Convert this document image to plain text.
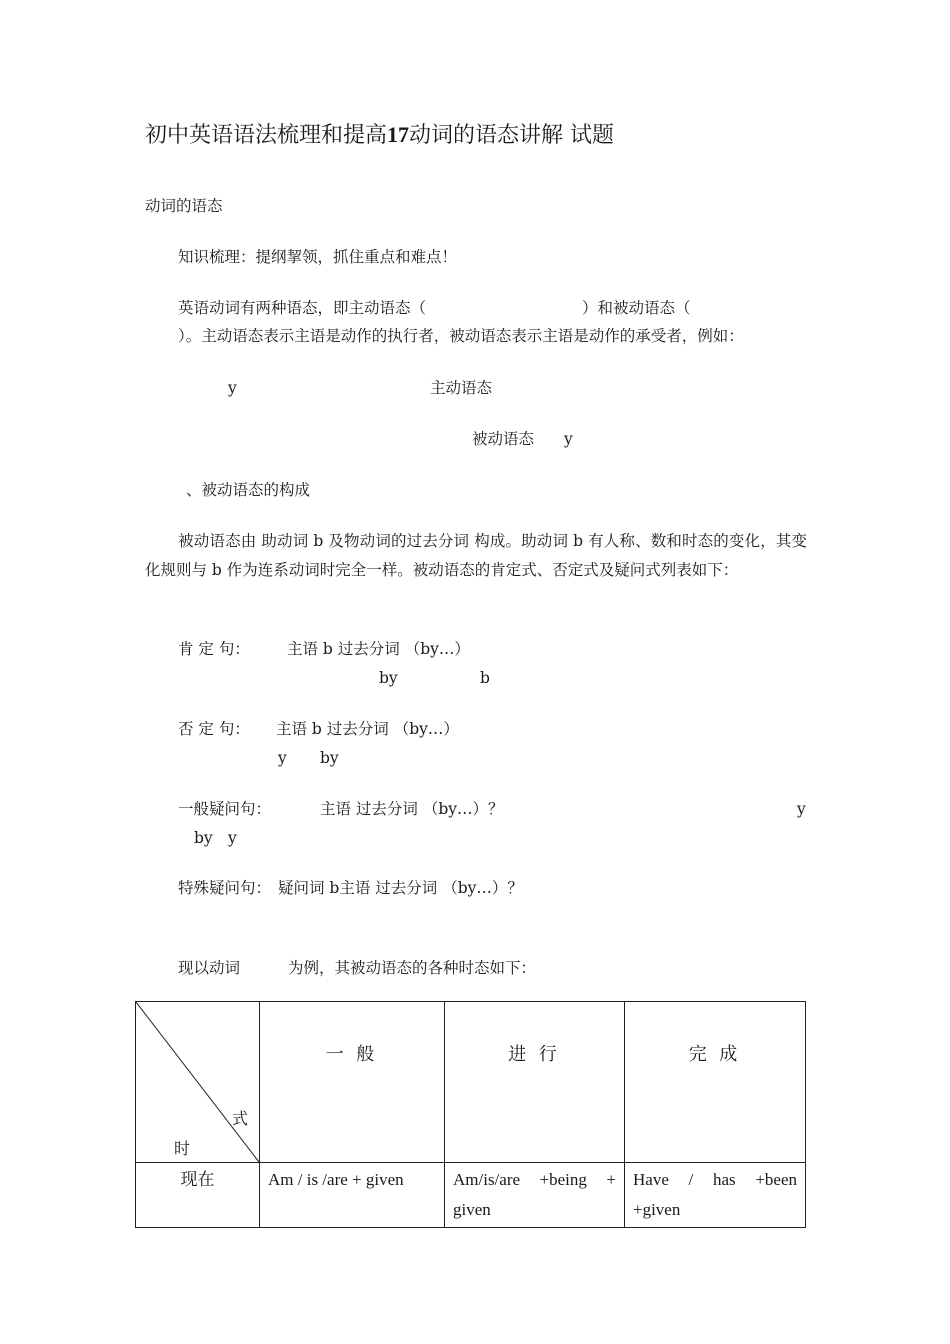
初中英语语法梳理和提高17动词的语态讲解 试题
动词的语态
知识梳理：提纲挈领，抓住重点和难点！
英语动词有两种语态，即主动语态（	）和被动语态（
）。主动语态表示主语是动作的执行者，被动语态表示主语是动作的承受者，例如：
y	主动语态
被动语态 y
、被动语态的构成
被动语态由 助动词 b 及物动词的过去分词 构成。助动词 b 有人称、数和时态的变化，其变化规则与 b 作为连系动词时完全一样。被动语态的肯定式、否定式及疑问式列表如下：
肯 定 句： 主语 b 过去分词 （by…）
by	b
否 定 句： 主语 b 过去分词 （by…）
y by
一般疑问句：	主语 过去分词 （by…）？	y
by y
特殊疑问句： 疑问词 b主语 过去分词 （by…）？
现以动词	为例，其被动语态的各种时态如下：
式
时	一 般	进 行	完 成
现在	Am / is /are + given	Am/is/are +being + given	Have / has +been +given
